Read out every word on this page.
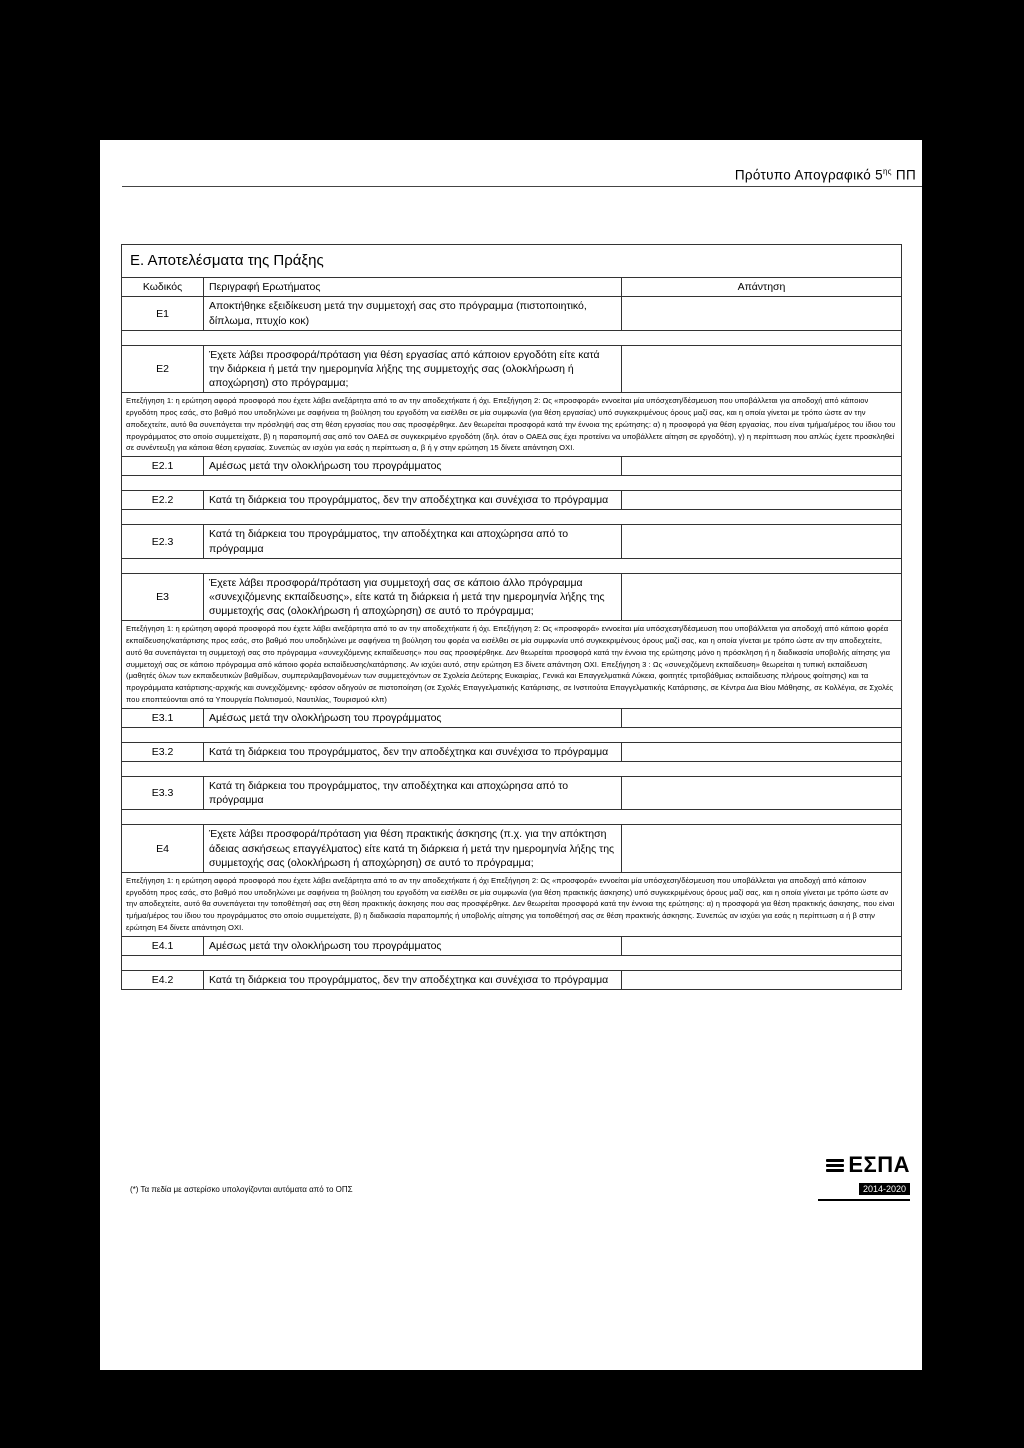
Πρότυπο Απογραφικό $5^{\eta\varsigma}$ ΠΠ
Ε. Αποτελέσματα της Πράξης		
Κωδικός	Περιγραφή Ερωτήματος	Απάντηση
Ε1	Αποκτήθηκε εξειδίκευση μετά την συμμετοχή σας στο πρόγραμμα (πιστοποιητικό, δίπλωμα, πτυχίο κοκ)	

Ε2	Έχετε λάβει προσφορά/πρόταση για θέση εργασίας από κάποιον εργοδότη είτε κατά την διάρκεια ή μετά την ημερομηνία λήξης της συμμετοχής σας (ολοκλήρωση ή αποχώρηση) στο πρόγραμμα;	
Επεξήγηση 1: η ερώτηση αφορά προσφορά που έχετε λάβει ανεξάρτητα από το αν την αποδεχτήκατε ή όχι. Επεξήγηση 2: Ως «προσφορά» εννοείται μία υπόσχεση/δέσμευση που υποβάλλεται για αποδοχή από κάποιον εργοδότη προς εσάς, στο βαθμό που υποδηλώνει με σαφήνεια τη βούληση του εργοδότη να εισέλθει σε μία συμφωνία (για θέση εργασίας) υπό συγκεκριμένους όρους μαζί σας, και η οποία γίνεται με τρόπο ώστε αν την αποδεχτείτε, αυτό θα συνεπάγεται την πρόσληψή σας στη θέση εργασίας που σας προσφέρθηκε. Δεν θεωρείται προσφορά κατά την έννοια της ερώτησης: α) η προσφορά για θέση εργασίας, που είναι τμήμα/μέρος του ίδιου του προγράμματος στο οποίο συμμετείχατε, β) η παραπομπή σας από τον ΟΑΕΔ σε συγκεκριμένο εργοδότη (δηλ. όταν ο ΟΑΕΔ σας έχει προτείνει να υποβάλλετε αίτηση σε εργοδότη), γ) η περίπτωση που απλώς έχετε προσκληθεί σε συνέντευξη για κάποια θέση εργασίας. Συνεπώς αν ισχύει για εσάς η περίπτωση α, β ή γ στην ερώτηση 15 δίνετε απάντηση ΟΧΙ.		
Ε2.1	Αμέσως μετά την ολοκλήρωση του προγράμματος	

Ε2.2	Κατά τη διάρκεια του προγράμματος, δεν την αποδέχτηκα και συνέχισα το πρόγραμμα	

Ε2.3	Κατά τη διάρκεια του προγράμματος, την αποδέχτηκα και αποχώρησα από το πρόγραμμα	

Ε3	Έχετε λάβει προσφορά/πρόταση για συμμετοχή σας σε κάποιο άλλο πρόγραμμα «συνεχιζόμενης εκπαίδευσης», είτε κατά τη διάρκεια ή μετά την ημερομηνία λήξης της συμμετοχής σας (ολοκλήρωση ή αποχώρηση) σε αυτό το πρόγραμμα;	
Επεξήγηση 1: η ερώτηση αφορά προσφορά που έχετε λάβει ανεξάρτητα από το αν την αποδεχτήκατε ή όχι. Επεξήγηση 2: Ως «προσφορά» εννοείται μία υπόσχεση/δέσμευση που υποβάλλεται για αποδοχή από κάποιο φορέα εκπαίδευσης/κατάρτισης προς εσάς, στο βαθμό που υποδηλώνει με σαφήνεια τη βούληση του φορέα να εισέλθει σε μία συμφωνία υπό συγκεκριμένους όρους μαζί σας, και η οποία γίνεται με τρόπο ώστε αν την αποδεχτείτε, αυτό θα συνεπάγεται τη συμμετοχή σας στο πρόγραμμα «συνεχιζόμενης εκπαίδευσης» που σας προσφέρθηκε. Δεν θεωρείται προσφορά κατά την έννοια της ερώτησης μόνο η πρόσκληση ή η διαδικασία υποβολής αίτησης για συμμετοχή σας σε κάποιο πρόγραμμα από κάποιο φορέα εκπαίδευσης/κατάρτισης. Αν ισχύει αυτό, στην ερώτηση Ε3 δίνετε απάντηση ΟΧΙ. Επεξήγηση 3 : Ως «συνεχιζόμενη εκπαίδευση» θεωρείται η τυπική εκπαίδευση (μαθητές όλων των εκπαιδευτικών βαθμίδων, συμπεριλαμβανομένων των συμμετεχόντων σε Σχολεία Δεύτερης Ευκαιρίας, Γενικά και Επαγγελματικά Λύκεια, φοιτητές τριτοβάθμιας εκπαίδευσης πλήρους φοίτησης) και τα προγράμματα κατάρτισης-αρχικής και συνεχιζόμενης- εφόσον οδηγούν σε πιστοποίηση (σε Σχολές Επαγγελματικής Κατάρτισης, σε Ινστιτούτα Επαγγελματικής Κατάρτισης, σε Κέντρα Δια Βίου Μάθησης, σε Κολλέγια, σε Σχολές που εποπτεύονται από τα Υπουργεία Πολιτισμού, Ναυτιλίας, Τουρισμού κλπ)		
Ε3.1	Αμέσως μετά την ολοκλήρωση του προγράμματος	

Ε3.2	Κατά τη διάρκεια του προγράμματος, δεν την αποδέχτηκα και συνέχισα το πρόγραμμα	

Ε3.3	Κατά τη διάρκεια του προγράμματος, την αποδέχτηκα και αποχώρησα από το πρόγραμμα	

Ε4	Έχετε λάβει προσφορά/πρόταση για θέση πρακτικής άσκησης (π.χ. για την απόκτηση άδειας ασκήσεως επαγγέλματος) είτε κατά τη διάρκεια ή μετά την ημερομηνία λήξης της συμμετοχής σας (ολοκλήρωση ή αποχώρηση) σε αυτό το πρόγραμμα;	
Επεξήγηση 1: η ερώτηση αφορά προσφορά που έχετε λάβει ανεξάρτητα από το αν την αποδεχτήκατε ή όχι Επεξήγηση 2: Ως «προσφορά» εννοείται μία υπόσχεση/δέσμευση που υποβάλλεται για αποδοχή από κάποιον εργοδότη προς εσάς, στο βαθμό που υποδηλώνει με σαφήνεια τη βούληση του εργοδότη να εισέλθει σε μία συμφωνία (για θέση πρακτικής άσκησης) υπό συγκεκριμένους όρους μαζί σας, και η οποία γίνεται με τρόπο ώστε αν την αποδεχτείτε, αυτό θα συνεπάγεται την τοποθέτησή σας στη θέση πρακτικής άσκησης που σας προσφέρθηκε. Δεν θεωρείται προσφορά κατά την έννοια της ερώτησης: α) η προσφορά για θέση πρακτικής άσκησης, που είναι τμήμα/μέρος του ίδιου του προγράμματος στο οποίο συμμετείχατε, β) η διαδικασία παραπομπής ή υποβολής αίτησης για τοποθέτησή σας σε θέση πρακτικής άσκησης. Συνεπώς αν ισχύει για εσάς η περίπτωση α ή β στην ερώτηση Ε4 δίνετε απάντηση ΟΧΙ.		
Ε4.1	Αμέσως μετά την ολοκλήρωση του προγράμματος	

Ε4.2	Κατά τη διάρκεια του προγράμματος, δεν την αποδέχτηκα και συνέχισα το πρόγραμμα	
(*) Τα πεδία με αστερίσκο υπολογίζονται αυτόματα από το ΟΠΣ
ΕΣΠΑ
2014-2020
